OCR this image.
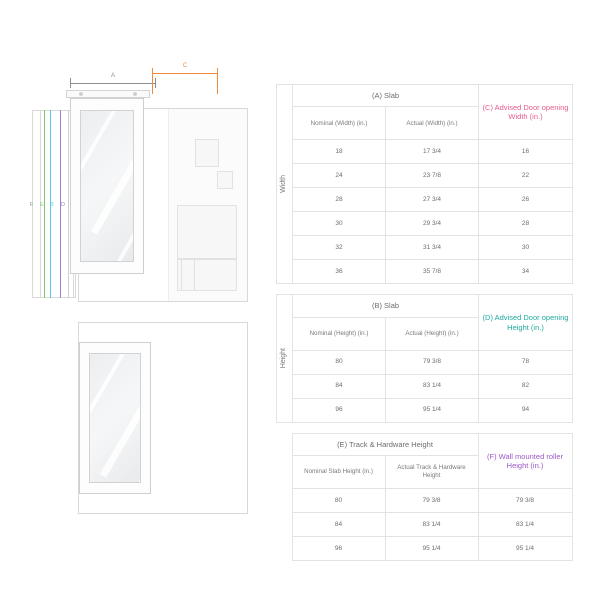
A
C
F E B D
Width	(A) Slab		(C) Advised Door opening Width (in.)
	Nominal (Width) (in.)	Actual (Width) (in.)	
	18	17 3/4	16
	24	23 7/8	22
	28	27 3/4	26
	30	29 3/4	28
	32	31 3/4	30
	36	35 7/8	34
Height	(B) Slab		(D) Advised Door opening Height (in.)
	Nominal (Height) (in.)	Actual (Height) (in.)	
	80	79 3/8	78
	84	83 1/4	82
	96	95 1/4	94
	(E) Track & Hardware Height		(F) Wall mounted roller Height (in.)
	Nominal Slab Height (in.)	Actual Track & Hardware Height	
	80	79 3/8	79 3/8
	84	83 1/4	83 1/4
	96	95 1/4	95 1/4
